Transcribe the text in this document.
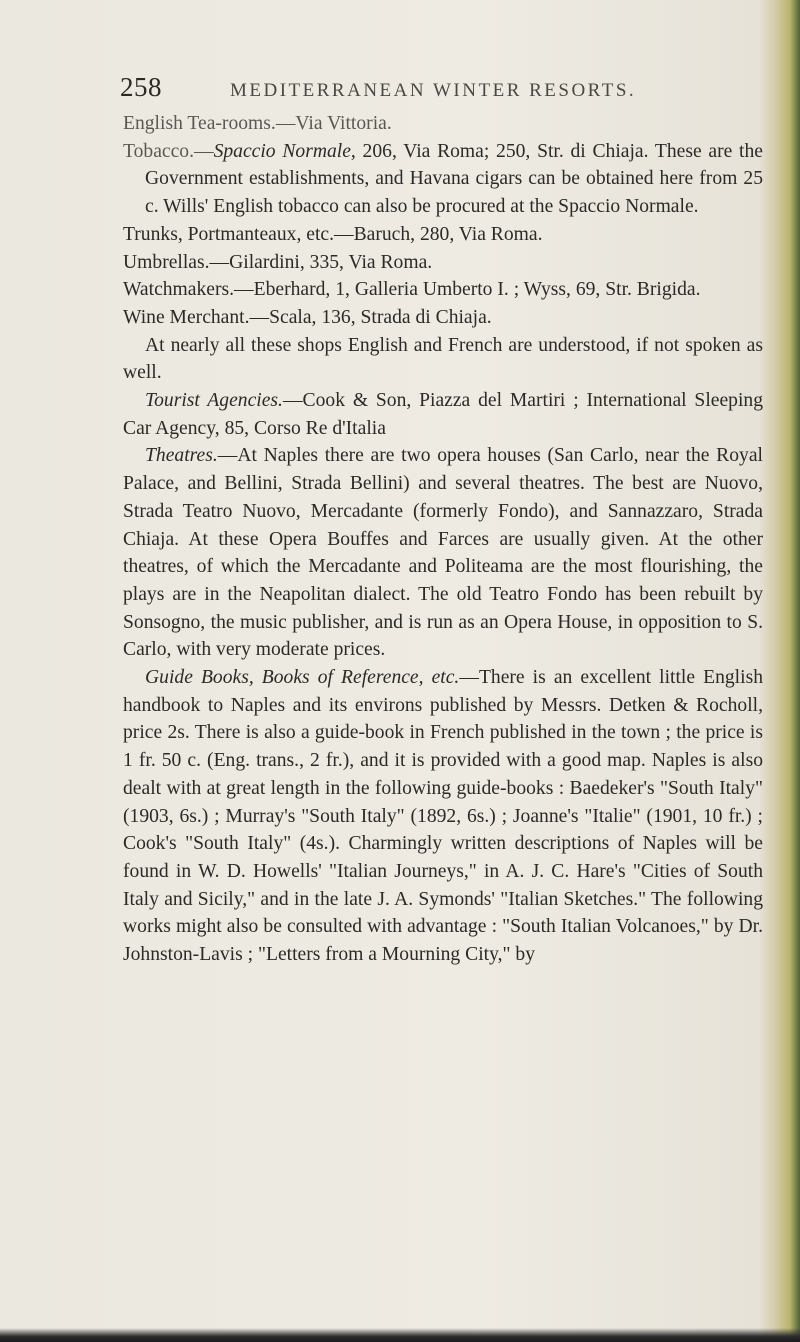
258	MEDITERRANEAN WINTER RESORTS.

English Tea-rooms.—Via Vittoria.

Tobacco.—Spaccio Normale, 206, Via Roma; 250, Str. di Chiaja. These are the Government establishments, and Havana cigars can be obtained here from 25 c. Wills' English tobacco can also be procured at the Spaccio Normale.

Trunks, Portmanteaux, etc.—Baruch, 280, Via Roma.

Umbrellas.—Gilardini, 335, Via Roma.

Watchmakers.—Eberhard, 1, Galleria Umberto I. ; Wyss, 69, Str. Brigida.

Wine Merchant.—Scala, 136, Strada di Chiaja.

At nearly all these shops English and French are understood, if not spoken as well.

Tourist Agencies.—Cook & Son, Piazza del Martiri ; International Sleeping Car Agency, 85, Corso Re d'Italia

Theatres.—At Naples there are two opera houses (San Carlo, near the Royal Palace, and Bellini, Strada Bellini) and several theatres. The best are Nuovo, Strada Teatro Nuovo, Mercadante (formerly Fondo), and Sannazzaro, Strada Chiaja. At these Opera Bouffes and Farces are usually given. At the other theatres, of which the Mercadante and Politeama are the most flourishing, the plays are in the Neapolitan dialect. The old Teatro Fondo has been rebuilt by Sonsogno, the music publisher, and is run as an Opera House, in opposition to S. Carlo, with very moderate prices.

Guide Books, Books of Reference, etc.—There is an excellent little English handbook to Naples and its environs published by Messrs. Detken & Rocholl, price 2s. There is also a guide-book in French published in the town ; the price is 1 fr. 50 c. (Eng. trans., 2 fr.), and it is provided with a good map. Naples is also dealt with at great length in the following guide-books : Baedeker's "South Italy" (1903, 6s.) ; Murray's "South Italy" (1892, 6s.) ; Joanne's "Italie" (1901, 10 fr.) ; Cook's "South Italy" (4s.). Charmingly written descriptions of Naples will be found in W. D. Howells' "Italian Journeys," in A. J. C. Hare's "Cities of South Italy and Sicily," and in the late J. A. Symonds' "Italian Sketches." The following works might also be consulted with advantage : "South Italian Volcanoes," by Dr. Johnston-Lavis ; "Letters from a Mourning City," by
